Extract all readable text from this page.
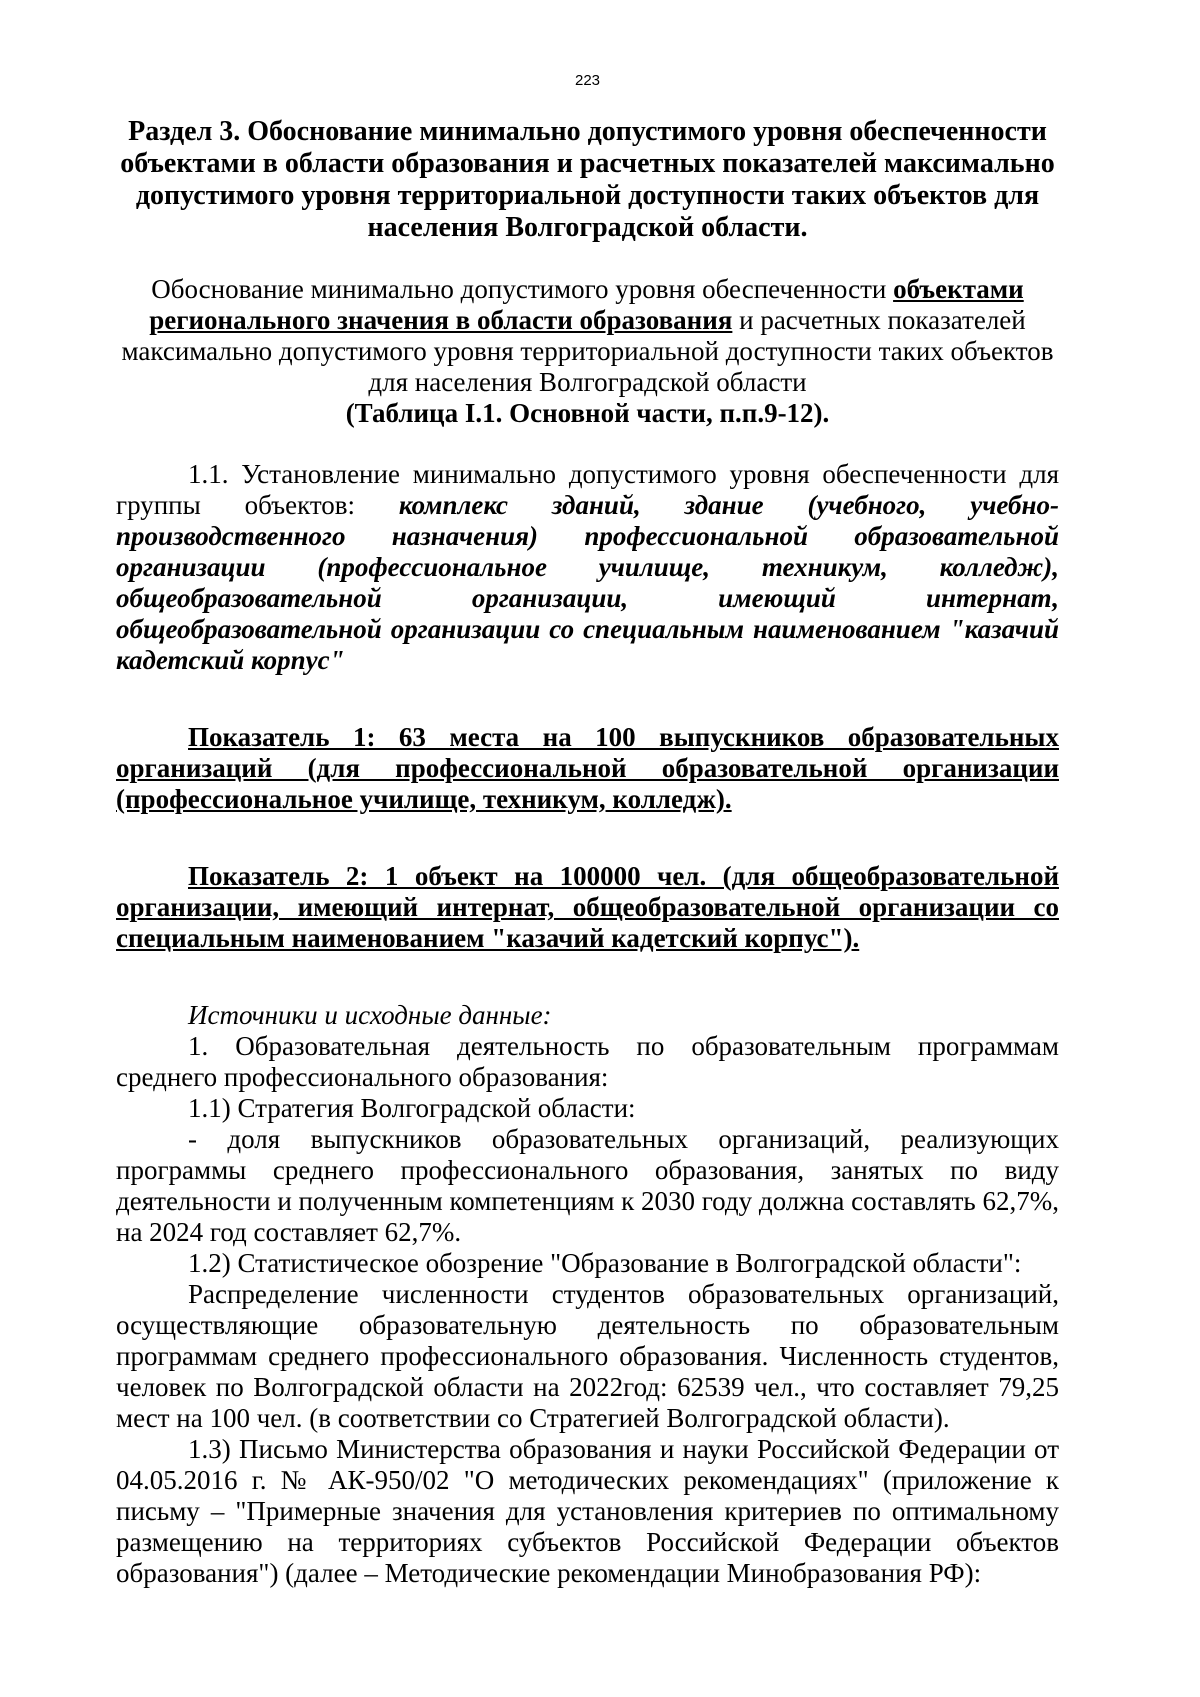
223
Раздел 3. Обоснование минимально допустимого уровня обеспеченности объектами в области образования и расчетных показателей максимально допустимого уровня территориальной доступности таких объектов для населения Волгоградской области.
Обоснование минимально допустимого уровня обеспеченности объектами регионального значения в области образования и расчетных показателей максимально допустимого уровня территориальной доступности таких объектов для населения Волгоградской области
(Таблица I.1. Основной части, п.п.9-12).

1.1. Установление минимально допустимого уровня обеспеченности для группы объектов: комплекс зданий, здание (учебного, учебно-производственного назначения) профессиональной образовательной организации (профессиональное училище, техникум, колледж), общеобразовательной организации, имеющий интернат, общеобразовательной организации со специальным наименованием "казачий кадетский корпус"

Показатель 1: 63 места на 100 выпускников образовательных организаций (для профессиональной образовательной организации (профессиональное училище, техникум, колледж).

Показатель 2: 1 объект на 100000 чел. (для общеобразовательной организации, имеющий интернат, общеобразовательной организации со специальным наименованием "казачий кадетский корпус").

Источники и исходные данные:

1. Образовательная деятельность по образовательным программам среднего профессионального образования:

1.1) Стратегия Волгоградской области:

- доля выпускников образовательных организаций, реализующих программы среднего профессионального образования, занятых по виду деятельности и полученным компетенциям к 2030 году должна составлять 62,7%, на 2024 год составляет 62,7%.

1.2) Статистическое обозрение "Образование в Волгоградской области":

Распределение численности студентов образовательных организаций, осуществляющие образовательную деятельность по образовательным программам среднего профессионального образования. Численность студентов, человек по Волгоградской области на 2022год: 62539 чел., что составляет 79,25 мест на 100 чел. (в соответствии со Стратегией Волгоградской области).

1.3) Письмо Министерства образования и науки Российской Федерации от 04.05.2016 г. № АК-950/02 "О методических рекомендациях" (приложение к письму – "Примерные значения для установления критериев по оптимальному размещению на территориях субъектов Российской Федерации объектов образования") (далее – Методические рекомендации Минобразования РФ):
